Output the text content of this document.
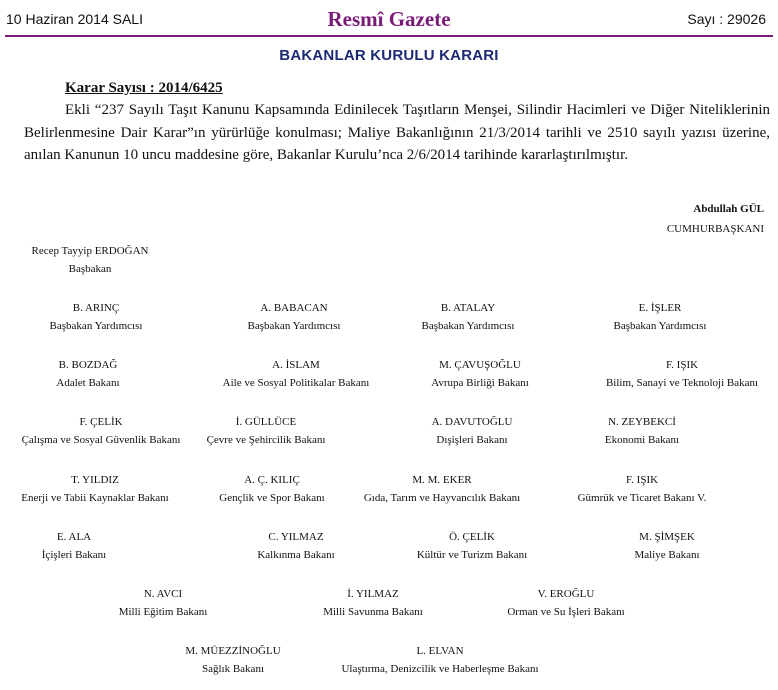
10 Haziran 2014 SALI	Resmî Gazete	Sayı : 29026
BAKANLAR KURULU KARARI
Karar Sayısı : 2014/6425

Ekli “237 Sayılı Taşıt Kanunu Kapsamında Edinilecek Taşıtların Menşei, Silindir Hacimleri ve Diğer Niteliklerinin Belirlenmesine Dair Karar”ın yürürlüğe konulması; Maliye Bakanlığının 21/3/2014 tarihli ve 2510 sayılı yazısı üzerine, anılan Kanunun 10 uncu maddesine göre, Bakanlar Kurulu’nca 2/6/2014 tarihinde kararlaştırılmıştır.

Abdullah GÜL
CUMHURBAŞKANI
Recep Tayyip ERDOĞAN
Başbakan
B. ARINÇ
Başbakan Yardımcısı
A. BABACAN
Başbakan Yardımcısı
B. ATALAY
Başbakan Yardımcısı
E. İŞLER
Başbakan Yardımcısı
B. BOZDAĞ
Adalet Bakanı
A. İSLAM
Aile ve Sosyal Politikalar Bakanı
M. ÇAVUŞOĞLU
Avrupa Birliği Bakanı
F. IŞIK
Bilim, Sanayi ve Teknoloji Bakanı
F. ÇELİK
Çalışma ve Sosyal Güvenlik Bakanı
İ. GÜLLÜCE
Çevre ve Şehircilik Bakanı
A. DAVUTOĞLU
Dışişleri Bakanı
N. ZEYBEKCİ
Ekonomi Bakanı
T. YILDIZ
Enerji ve Tabii Kaynaklar Bakanı
A. Ç. KILIÇ
Gençlik ve Spor Bakanı
M. M. EKER
Gıda, Tarım ve Hayvancılık Bakanı
F. IŞIK
Gümrük ve Ticaret Bakanı V.
E. ALA
İçişleri Bakanı
C. YILMAZ
Kalkınma Bakanı
Ö. ÇELİK
Kültür ve Turizm Bakanı
M. ŞİMŞEK
Maliye Bakanı
N. AVCI
Milli Eğitim Bakanı
İ. YILMAZ
Milli Savunma Bakanı
V. EROĞLU
Orman ve Su İşleri Bakanı
M. MÜEZZİNOĞLU
Sağlık Bakanı
L. ELVAN
Ulaştırma, Denizcilik ve Haberleşme Bakanı
